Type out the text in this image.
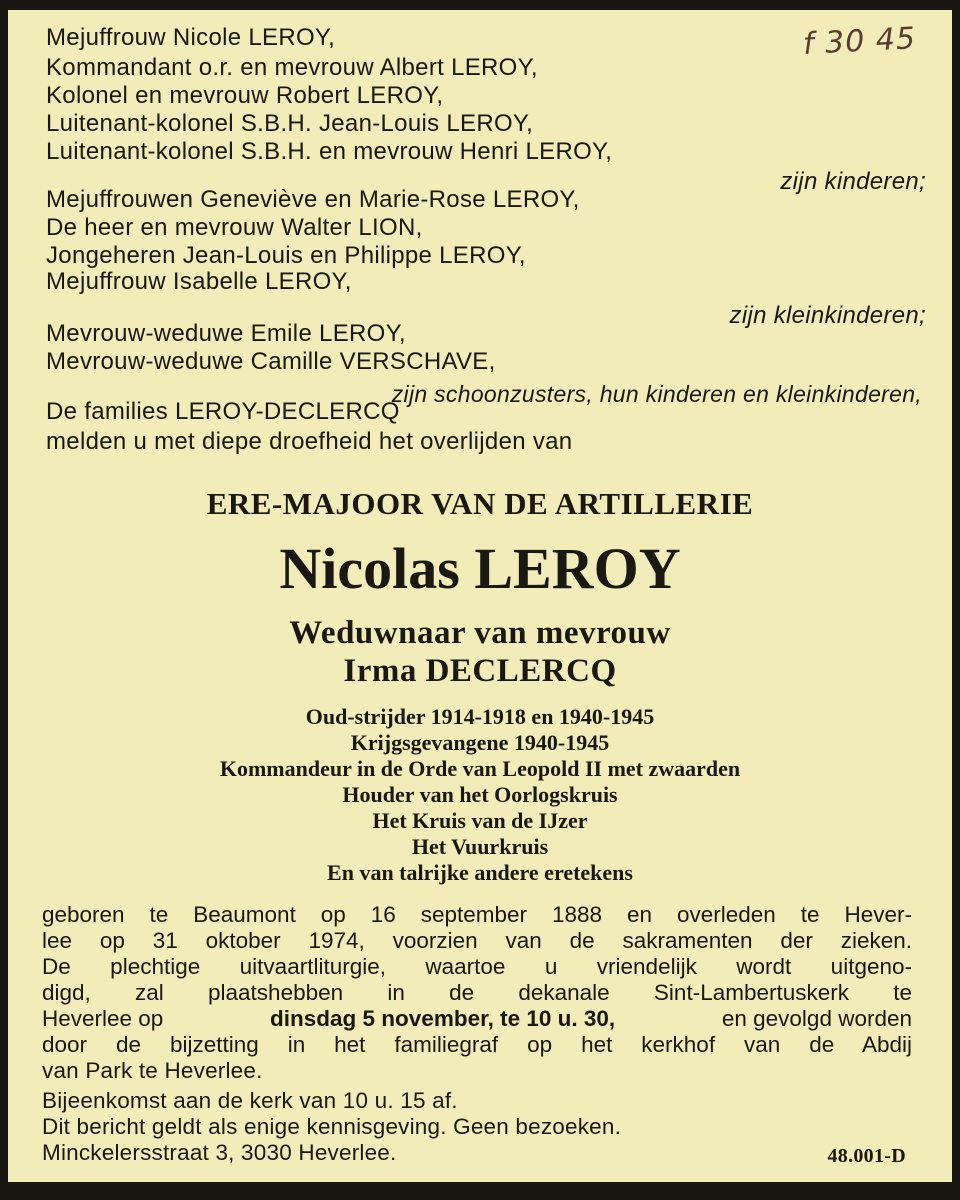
f 30 45
Mejuffrouw Nicole LEROY,
Kommandant o.r. en mevrouw Albert LEROY,
Kolonel en mevrouw Robert LEROY,
Luitenant-kolonel S.B.H. Jean-Louis LEROY,
Luitenant-kolonel S.B.H. en mevrouw Henri LEROY,
zijn kinderen;
Mejuffrouwen Geneviève en Marie-Rose LEROY,
De heer en mevrouw Walter LION,
Jongeheren Jean-Louis en Philippe LEROY,
Mejuffrouw Isabelle LEROY,
zijn kleinkinderen;
Mevrouw-weduwe Emile LEROY,
Mevrouw-weduwe Camille VERSCHAVE,
zijn schoonzusters, hun kinderen en kleinkinderen,
De families LEROY-DECLERCQ
melden u met diepe droefheid het overlijden van
ERE-MAJOOR VAN DE ARTILLERIE
Nicolas LEROY
Weduwnaar van mevrouw
Irma DECLERCQ
Oud-strijder 1914-1918 en 1940-1945
Krijgsgevangene 1940-1945
Kommandeur in de Orde van Leopold II met zwaarden
Houder van het Oorlogskruis
Het Kruis van de IJzer
Het Vuurkruis
En van talrijke andere eretekens
geboren te Beaumont op 16 september 1888 en overleden te Hever-
lee op 31 oktober 1974, voorzien van de sakramenten der zieken.
De plechtige uitvaartliturgie, waartoe u vriendelijk wordt uitgeno-
digd, zal plaatshebben in de dekanale Sint-Lambertuskerk te
Heverlee op	dinsdag 5 november, te 10 u. 30,	en gevolgd worden
door de bijzetting in het familiegraf op het kerkhof van de Abdij
van Park te Heverlee.
Bijeenkomst aan de kerk van 10 u. 15 af.
Dit bericht geldt als enige kennisgeving. Geen bezoeken.
Minckelersstraat 3, 3030 Heverlee.	48.001-D
